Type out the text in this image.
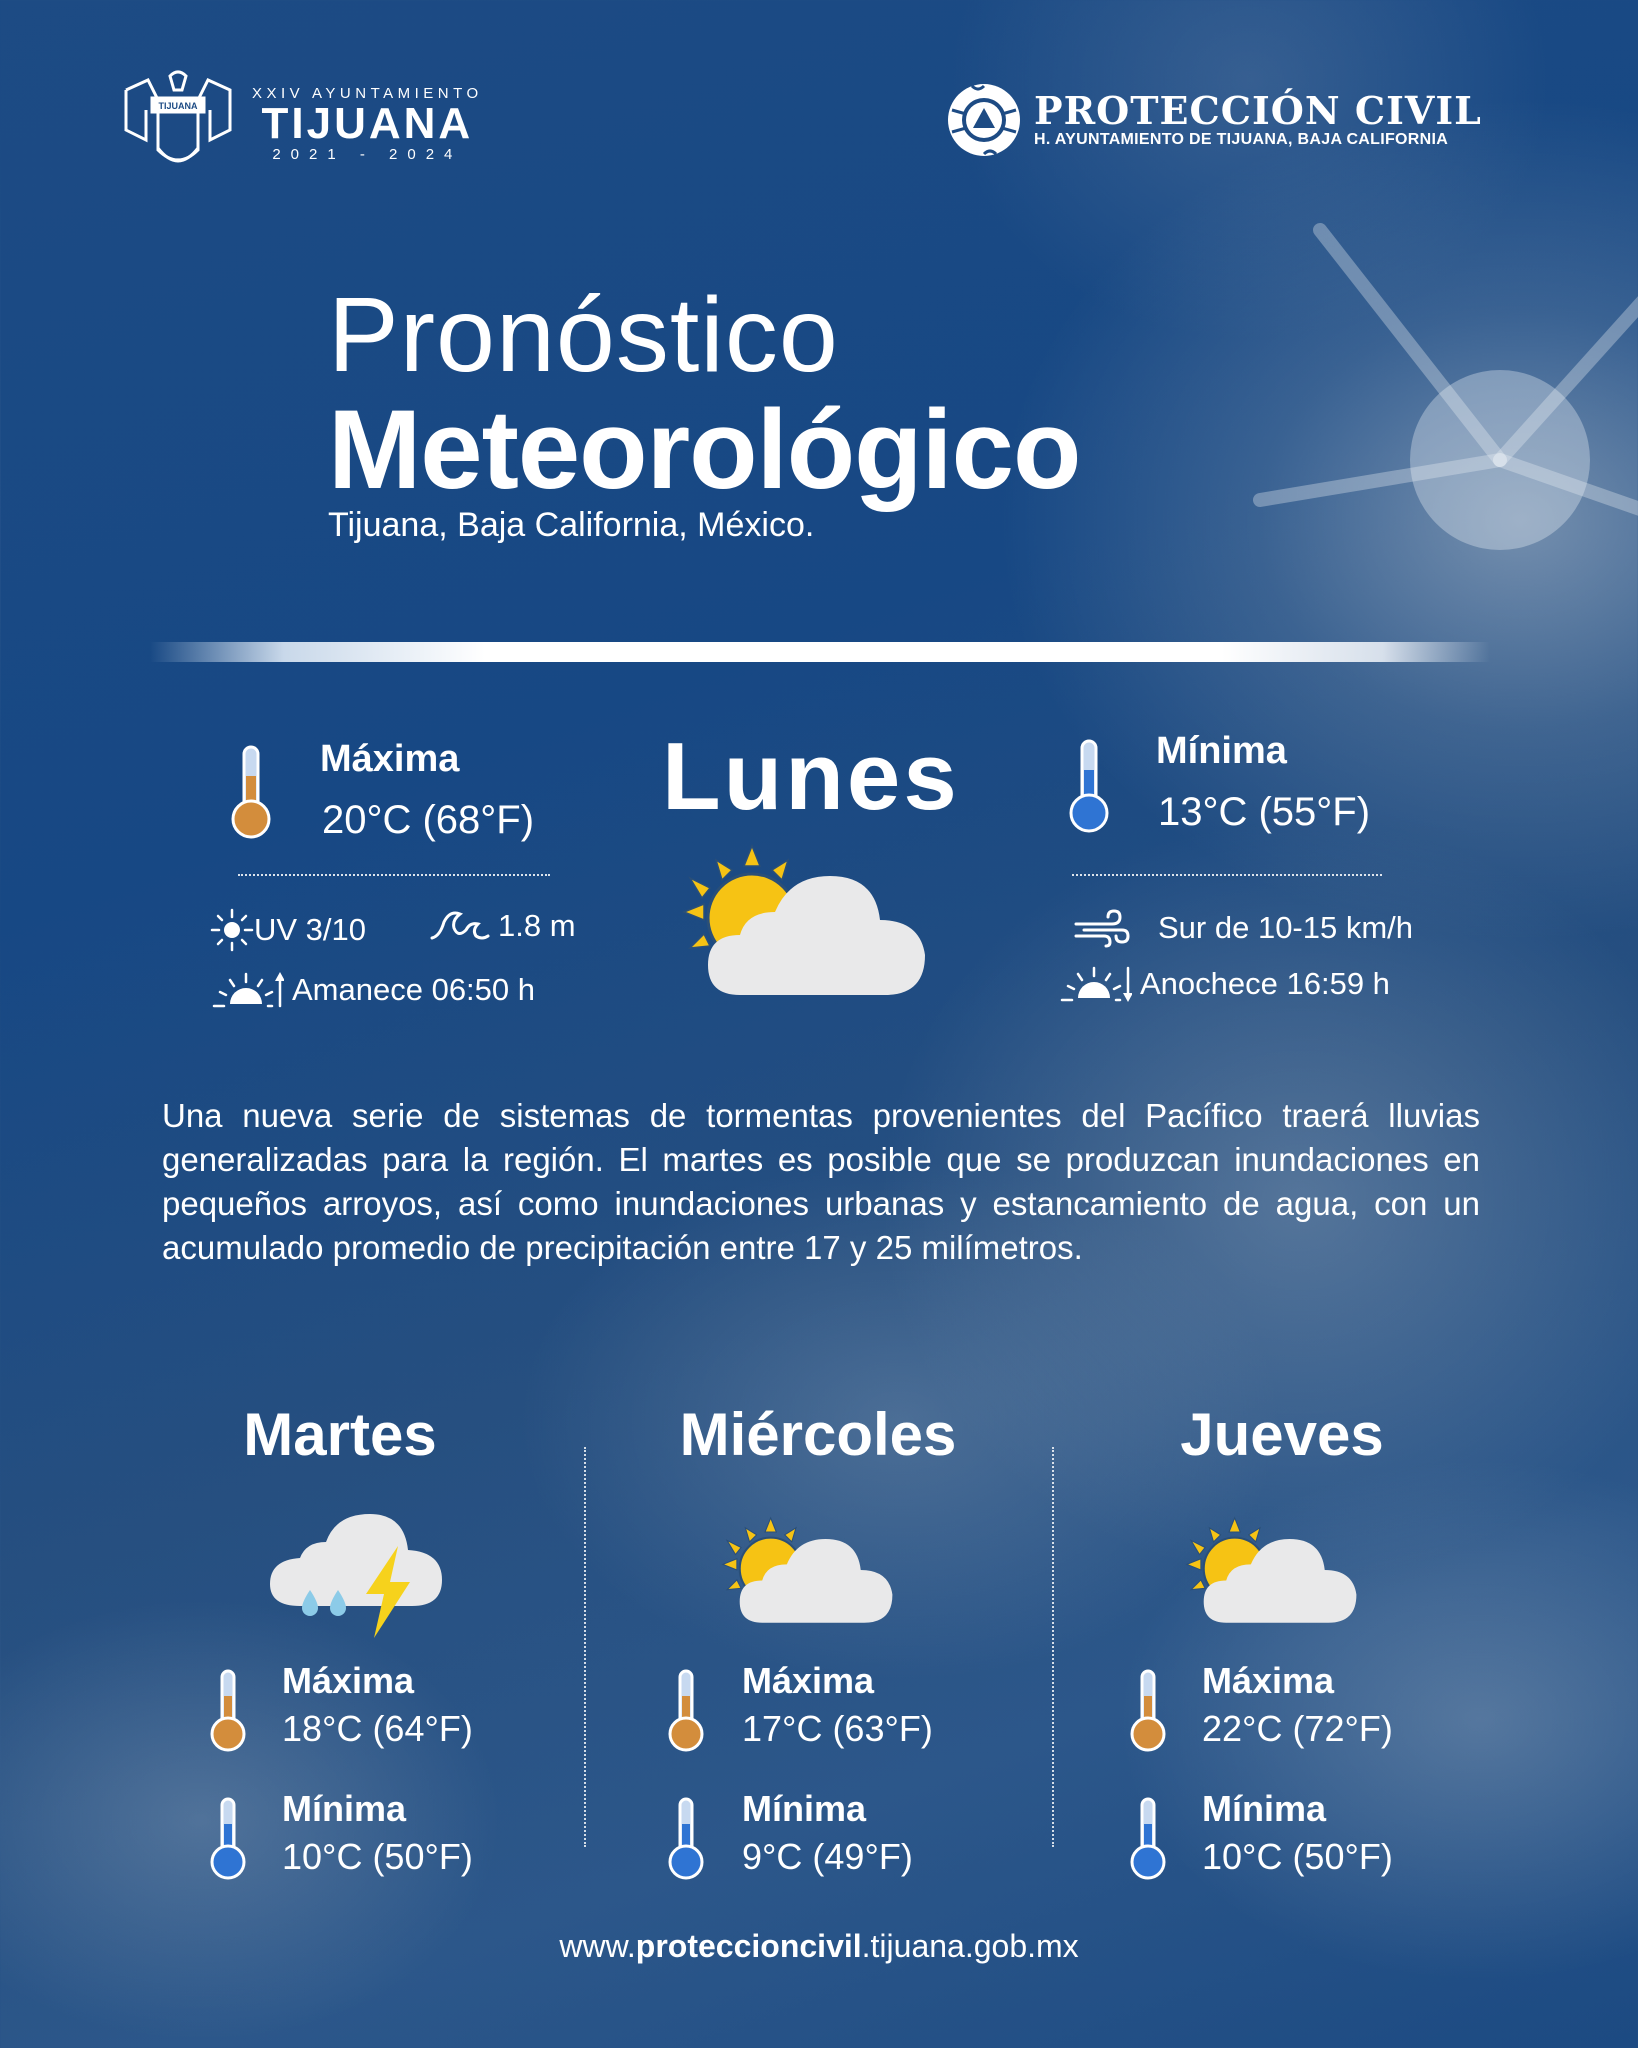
TIJUANA
XXIV AYUNTAMIENTO
TIJUANA
2021 - 2024
PROTECCIÓN CIVIL
H. AYUNTAMIENTO DE TIJUANA, BAJA CALIFORNIA
Pronóstico
Meteorológico
Tijuana, Baja California, México.
Máxima
20°C (68°F)
UV 3/10	1.8 m
Amanece 06:50 h
Lunes	Mínima
13°C (55°F)
Sur de 10-15 km/h
Anochece 16:59 h

Una nueva serie de sistemas de tormentas provenientes del Pacífico traerá lluvias generalizadas para la región. El martes es posible que se produzcan inundaciones en pequeños arroyos, así como inundaciones urbanas y estancamiento de agua, con un acumulado promedio de precipitación entre 17 y 25 milímetros.

Martes
Máxima
18°C (64°F)
Mínima
10°C (50°F)
Miércoles
Máxima
17°C (63°F)
Mínima
9°C (49°F)
Jueves
Máxima
22°C (72°F)
Mínima
10°C (50°F)
www.proteccioncivil.tijuana.gob.mx
